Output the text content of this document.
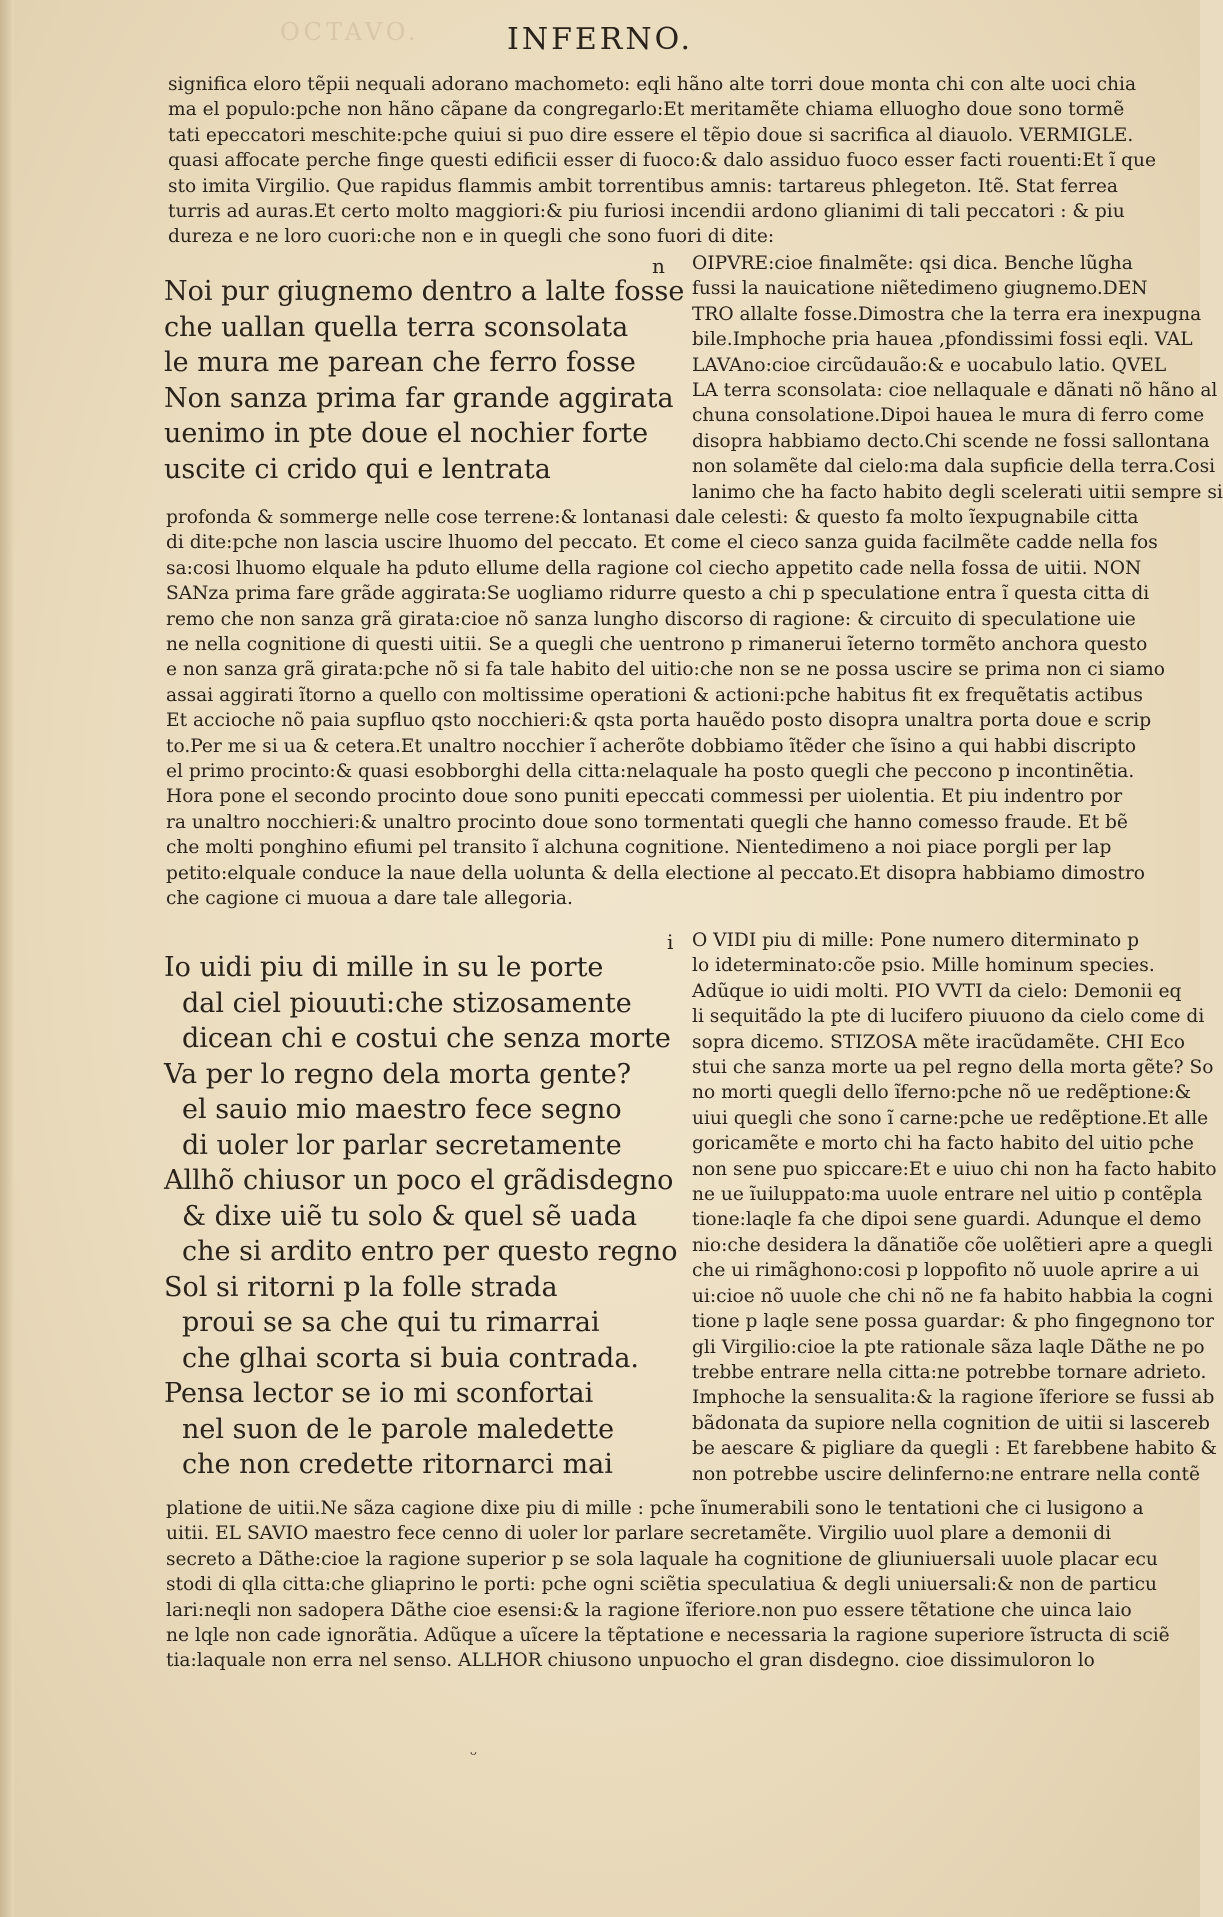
OCTAVO.	INFERNO.
significa eloro tẽpii nequali adorano machometo: eqli hãno alte torri doue monta chi con alte uoci chia
ma el populo:pche non hãno cãpane da congregarlo:Et meritamẽte chiama elluogho doue sono tormẽ
tati epeccatori meschite:pche quiui si puo dire essere el tẽpio doue si sacrifica al diauolo. VERMIGLE.
quasi affocate perche finge questi edificii esser di fuoco:& dalo assiduo fuoco esser facti rouenti:Et ĩ que
sto imita Virgilio. Que rapidus flammis ambit torrentibus amnis: tartareus phlegeton. Itẽ. Stat ferrea
turris ad auras.Et certo molto maggiori:& piu furiosi incendii ardono glianimi di tali peccatori : & piu
dureza e ne loro cuori:che non e in quegli che sono fuori di dite:
Noi pur giugnemo dentro a lalte fosse
che uallan quella terra sconsolata
le mura me parean che ferro fosse
Non sanza prima far grande aggirata
uenimo in pte doue el nochier forte
uscite ci crido qui e lentrata
n OIPVRE:cioe finalmẽte: qsi dica. Benche lũgha
fussi la nauicatione niẽtedimeno giugnemo.DEN
TRO allalte fosse.Dimostra che la terra era inexpugna
bile.Imphoche pria hauea ,pfondissimi fossi eqli. VAL
LAVAno:cioe circũdauão:& e uocabulo latio. QVEL
LA terra sconsolata: cioe nellaquale e dãnati nõ hãno al
chuna consolatione.Dipoi hauea le mura di ferro come
disopra habbiamo decto.Chi scende ne fossi sallontana
non solamẽte dal cielo:ma dala supficie della terra.Cosi
lanimo che ha facto habito degli scelerati uitii sempre si
profonda & sommerge nelle cose terrene:& lontanasi dale celesti: & questo fa molto ĩexpugnabile citta
di dite:pche non lascia uscire lhuomo del peccato. Et come el cieco sanza guida facilmẽte cadde nella fos
sa:cosi lhuomo elquale ha pduto ellume della ragione col ciecho appetito cade nella fossa de uitii. NON
SANza prima fare grãde aggirata:Se uogliamo ridurre questo a chi p speculatione entra ĩ questa citta di
remo che non sanza grã girata:cioe nõ sanza lungho discorso di ragione: & circuito di speculatione uie
ne nella cognitione di questi uitii. Se a quegli che uentrono p rimanerui ĩeterno tormẽto anchora questo
e non sanza grã girata:pche nõ si fa tale habito del uitio:che non se ne possa uscire se prima non ci siamo
assai aggirati ĩtorno a quello con moltissime operationi & actioni:pche habitus fit ex frequẽtatis actibus
Et accioche nõ paia supfluo qsto nocchieri:& qsta porta hauẽdo posto disopra unaltra porta doue e scrip
to.Per me si ua & cetera.Et unaltro nocchier ĩ acherõte dobbiamo ĩtẽder che ĩsino a qui habbi discripto
el primo procinto:& quasi esobborghi della citta:nelaquale ha posto quegli che peccono p incontinẽtia.
Hora pone el secondo procinto doue sono puniti epeccati commessi per uiolentia. Et piu indentro por
ra unaltro nocchieri:& unaltro procinto doue sono tormentati quegli che hanno comesso fraude. Et bẽ
che molti ponghino efiumi pel transito ĩ alchuna cognitione. Nientedimeno a noi piace porgli per lap
petito:elquale conduce la naue della uolunta & della electione al peccato.Et disopra habbiamo dimostro
che cagione ci muoua a dare tale allegoria.
Io uidi piu di mille in su le porte
dal ciel piouuti:che stizosamente
dicean chi e costui che senza morte
Va per lo regno dela morta gente?
el sauio mio maestro fece segno
di uoler lor parlar secretamente
Allhõ chiusor un poco el grãdisdegno
& dixe uiẽ tu solo & quel sẽ uada
che si ardito entro per questo regno
Sol si ritorni p la folle strada
proui se sa che qui tu rimarrai
che glhai scorta si buia contrada.
Pensa lector se io mi sconfortai
nel suon de le parole maledette
che non credette ritornarci mai
i O VIDI piu di mille: Pone numero diterminato p
lo ideterminato:cõe psio. Mille hominum species.
Adũque io uidi molti. PIO VVTI da cielo: Demonii eq
li sequitãdo la pte di lucifero piuuono da cielo come di
sopra dicemo. STIZOSA mẽte iracũdamẽte. CHI Eco
stui che sanza morte ua pel regno della morta gẽte? So
no morti quegli dello ĩferno:pche nõ ue redẽptione:&
uiui quegli che sono ĩ carne:pche ue redẽptione.Et alle
goricamẽte e morto chi ha facto habito del uitio pche
non sene puo spiccare:Et e uiuo chi non ha facto habito
ne ue ĩuiluppato:ma uuole entrare nel uitio p contẽpla
tione:laqle fa che dipoi sene guardi. Adunque el demo
nio:che desidera la dãnatiõe cõe uolẽtieri apre a quegli
che ui rimãghono:cosi p loppofito nõ uuole aprire a ui
ui:cioe nõ uuole che chi nõ ne fa habito habbia la cogni
tione p laqle sene possa guardar: & pho fingegnono tor
gli Virgilio:cioe la pte rationale sãza laqle Dãthe ne po
trebbe entrare nella citta:ne potrebbe tornare adrieto.
Imphoche la sensualita:& la ragione ĩferiore se fussi ab
bãdonata da supiore nella cognition de uitii si lascereb
be aescare & pigliare da quegli : Et farebbene habito &
non potrebbe uscire delinferno:ne entrare nella contẽ
platione de uitii.Ne sãza cagione dixe piu di mille : pche ĩnumerabili sono le tentationi che ci lusigono a
uitii. EL SAVIO maestro fece cenno di uoler lor parlare secretamẽte. Virgilio uuol plare a demonii di
secreto a Dãthe:cioe la ragione superior p se sola laquale ha cognitione de gliuniuersali uuole placar ecu
stodi di qlla citta:che gliaprino le porti: pche ogni sciẽtia speculatiua & degli uniuersali:& non de particu
lari:neqli non sadopera Dãthe cioe esensi:& la ragione ĩferiore.non puo essere tẽtatione che uinca laio
ne lqle non cade ignorãtia. Adũque a uĩcere la tẽptatione e necessaria la ragione superiore ĩstructa di sciẽ
tia:laquale non erra nel senso. ALLHOR chiusono unpuocho el gran disdegno. cioe dissimuloron lo
ᵕ
